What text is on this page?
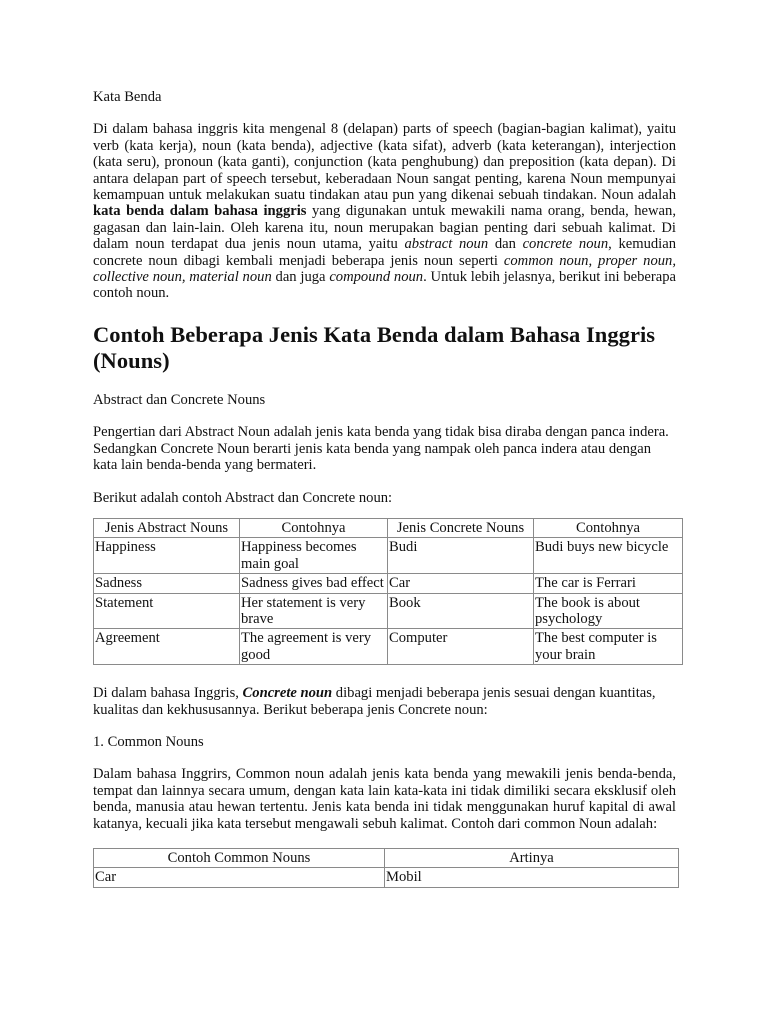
Kata Benda

Di dalam bahasa inggris kita mengenal 8 (delapan) parts of speech (bagian-bagian kalimat), yaitu verb (kata kerja), noun (kata benda), adjective (kata sifat), adverb (kata keterangan), interjection (kata seru), pronoun (kata ganti), conjunction (kata penghubung) dan preposition (kata depan). Di antara delapan part of speech tersebut, keberadaan Noun sangat penting, karena Noun mempunyai kemampuan untuk melakukan suatu tindakan atau pun yang dikenai sebuah tindakan. Noun adalah kata benda dalam bahasa inggris yang digunakan untuk mewakili nama orang, benda, hewan, gagasan dan lain-lain. Oleh karena itu, noun merupakan bagian penting dari sebuah kalimat. Di dalam noun terdapat dua jenis noun utama, yaitu abstract noun dan concrete noun, kemudian concrete noun dibagi kembali menjadi beberapa jenis noun seperti common noun, proper noun, collective noun, material noun dan juga compound noun. Untuk lebih jelasnya, berikut ini beberapa contoh noun.

Contoh Beberapa Jenis Kata Benda dalam Bahasa Inggris (Nouns)

Abstract dan Concrete Nouns

Pengertian dari Abstract Noun adalah jenis kata benda yang tidak bisa diraba dengan panca indera. Sedangkan Concrete Noun berarti jenis kata benda yang nampak oleh panca indera atau dengan kata lain benda-benda yang bermateri.

Berikut adalah contoh Abstract dan Concrete noun:

Jenis Abstract Nouns	Contohnya	Jenis Concrete Nouns	Contohnya
Happiness	Happiness becomes main goal	Budi	Budi buys new bicycle
Sadness	Sadness gives bad effect	Car	The car is Ferrari
Statement	Her statement is very brave	Book	The book is about psychology
Agreement	The agreement is very good	Computer	The best computer is your brain

Di dalam bahasa Inggris, Concrete noun dibagi menjadi beberapa jenis sesuai dengan kuantitas, kualitas dan kekhususannya. Berikut beberapa jenis Concrete noun:

1. Common Nouns

Dalam bahasa Inggrirs, Common noun adalah jenis kata benda yang mewakili jenis benda-benda, tempat dan lainnya secara umum, dengan kata lain kata-kata ini tidak dimiliki secara eksklusif oleh benda, manusia atau hewan tertentu. Jenis kata benda ini tidak menggunakan huruf kapital di awal katanya, kecuali jika kata tersebut mengawali sebuh kalimat. Contoh dari common Noun adalah:

Contoh Common Nouns	Artinya
Car	Mobil
